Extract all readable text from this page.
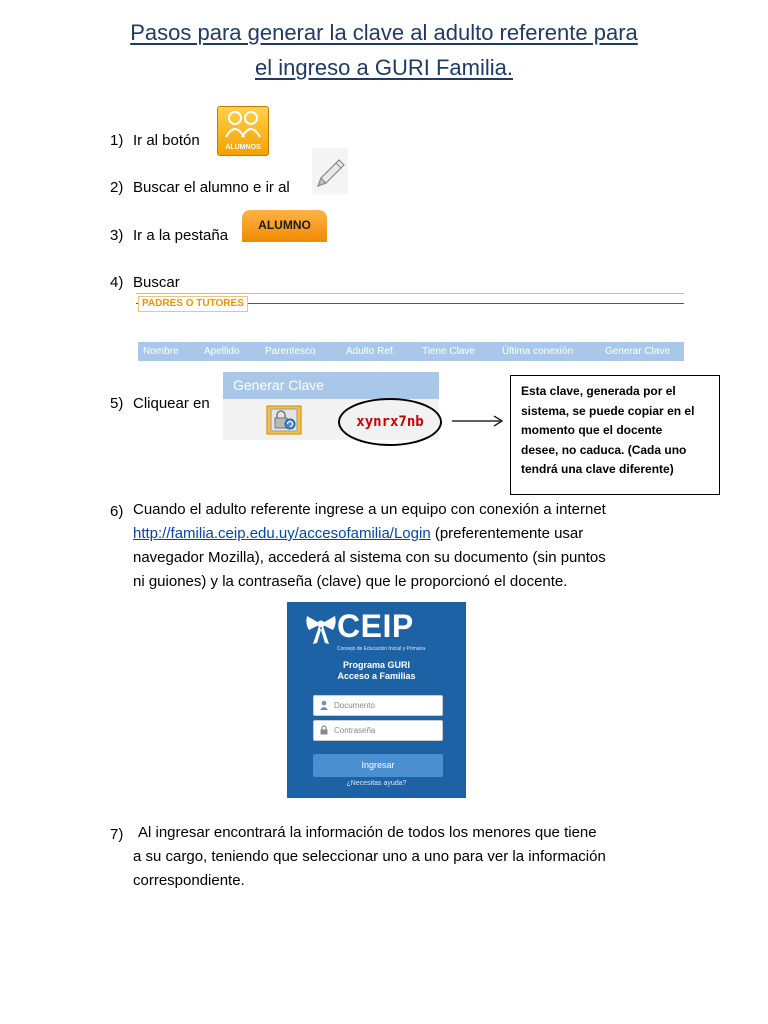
Pasos para generar la clave al adulto referente para
el ingreso a GURI Familia.
1) Ir al botón	ALUMNOS
2) Buscar el alumno e ir al
3) Ir a la pestaña
ALUMNO
4) Buscar
PADRES O TUTORES
Nombre	Apellido	Parentesco	Adulto Ref.	Tiene Clave	Última conexión	Generar Clave
5) Cliquear en
Generar Clave
xynrx7nb
Esta clave, generada por el
sistema, se puede copiar en el
momento que el docente
desee, no caduca. (Cada uno
tendrá una clave diferente)
6) Cuando el adulto referente ingrese a un equipo con conexión a internet
http://familia.ceip.edu.uy/accesofamilia/Login (preferentemente usar
navegador Mozilla), accederá al sistema con su documento (sin puntos
ni guiones) y la contraseña (clave) que le proporcionó el docente.
CEIP
Consejo de Educación Inicial y Primaria
Programa GURI
Acceso a Familias
Documento
Contraseña
Ingresar
¿Necesitas ayuda?
7) Al ingresar encontrará la información de todos los menores que tiene
a su cargo, teniendo que seleccionar uno a uno para ver la información
correspondiente.
